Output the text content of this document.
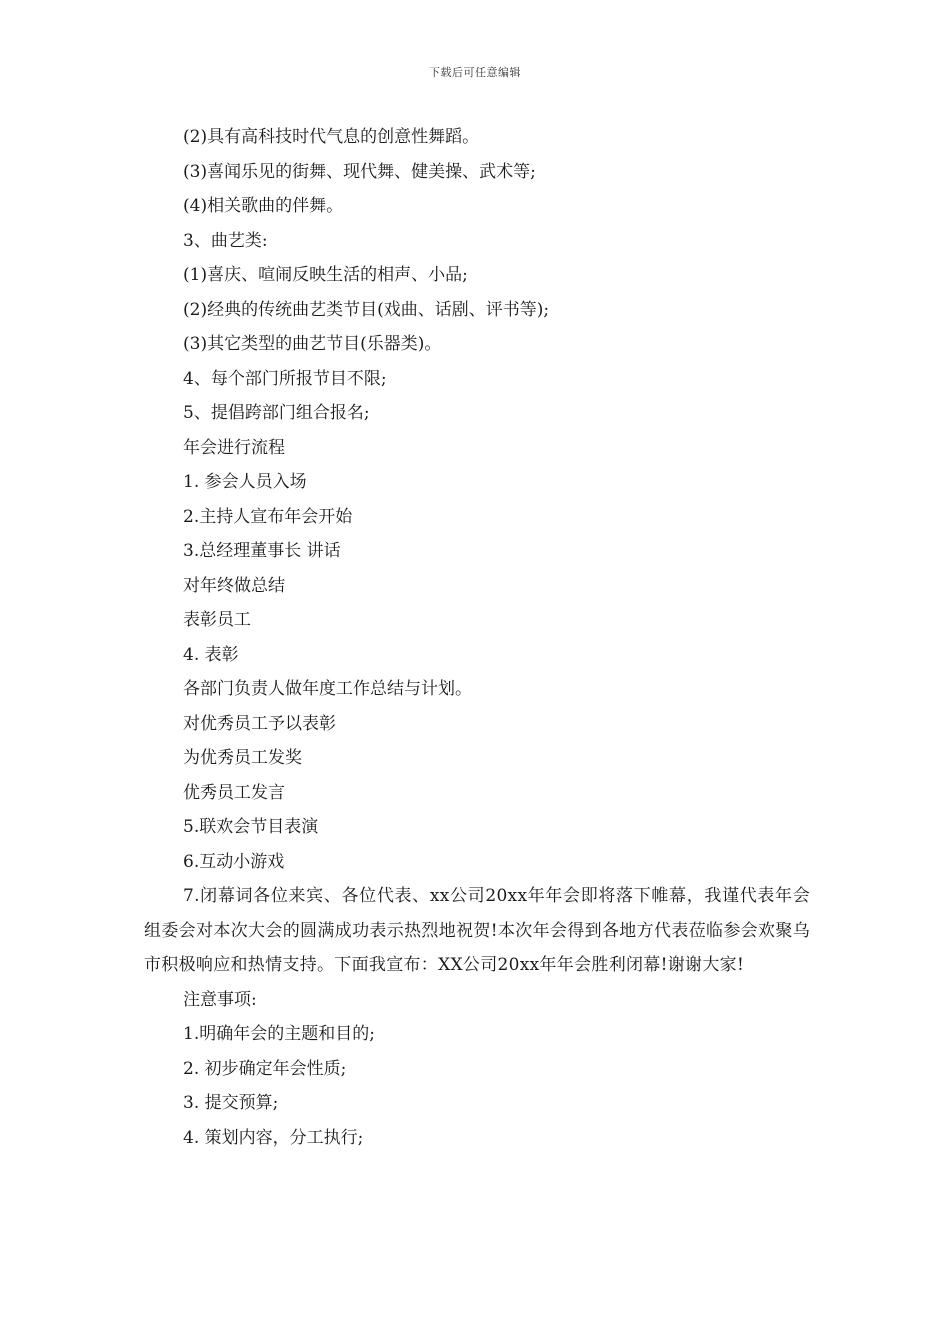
下载后可任意编辑
(2)具有高科技时代气息的创意性舞蹈。
(3)喜闻乐见的街舞、现代舞、健美操、武术等;
(4)相关歌曲的伴舞。
3、曲艺类:
(1)喜庆、喧闹反映生活的相声、小品;
(2)经典的传统曲艺类节目(戏曲、话剧、评书等);
(3)其它类型的曲艺节目(乐器类)。
4、每个部门所报节目不限;
5、提倡跨部门组合报名;
年会进行流程
1. 参会人员入场
2.主持人宣布年会开始
3.总经理董事长 讲话
对年终做总结
表彰员工
4. 表彰
各部门负责人做年度工作总结与计划。
对优秀员工予以表彰
为优秀员工发奖
优秀员工发言
5.联欢会节目表演
6.互动小游戏

7.闭幕词各位来宾、各位代表、xx公司20xx年年会即将落下帷幕，我谨代表年会组委会对本次大会的圆满成功表示热烈地祝贺!本次年会得到各地方代表莅临参会欢聚乌市积极响应和热情支持。下面我宣布：XX公司20xx年年会胜利闭幕!谢谢大家!

注意事项:
1.明确年会的主题和目的;
2. 初步确定年会性质;
3. 提交预算;
4. 策划内容，分工执行;
